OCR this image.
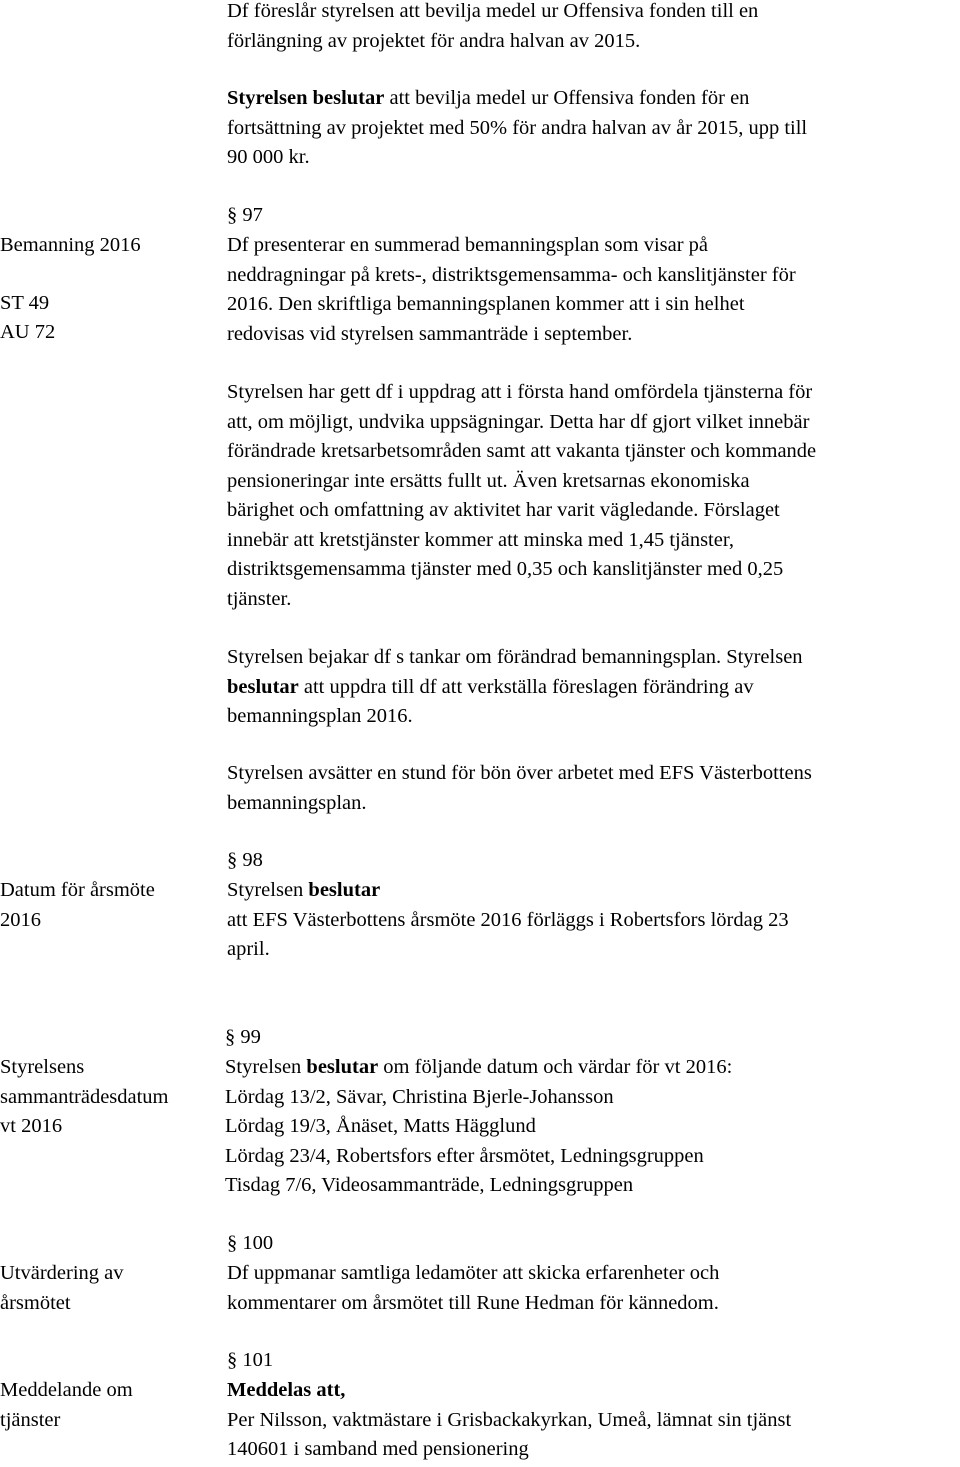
Df föreslår styrelsen att bevilja medel ur Offensiva fonden till en
förlängning av projektet för andra halvan av 2015.
Styrelsen beslutar att bevilja medel ur Offensiva fonden för en
fortsättning av projektet med 50% för andra halvan av år 2015, upp till
90 000 kr.
§ 97
Bemanning 2016
ST 49
AU 72
Df presenterar en summerad bemanningsplan som visar på
neddragningar på krets-, distriktsgemensamma- och kanslitjänster för
2016. Den skriftliga bemanningsplanen kommer att i sin helhet
redovisas vid styrelsen sammanträde i september.
Styrelsen har gett df i uppdrag att i första hand omfördela tjänsterna för
att, om möjligt, undvika uppsägningar. Detta har df gjort vilket innebär
förändrade kretsarbetsområden samt att vakanta tjänster och kommande
pensioneringar inte ersätts fullt ut. Även kretsarnas ekonomiska
bärighet och omfattning av aktivitet har varit vägledande. Förslaget
innebär att kretstjänster kommer att minska med 1,45 tjänster,
distriktsgemensamma tjänster med 0,35 och kanslitjänster med 0,25
tjänster.
Styrelsen bejakar df s tankar om förändrad bemanningsplan. Styrelsen
beslutar att uppdra till df att verkställa föreslagen förändring av
bemanningsplan 2016.
Styrelsen avsätter en stund för bön över arbetet med EFS Västerbottens
bemanningsplan.
§ 98
Datum för årsmöte
2016
Styrelsen beslutar
att EFS Västerbottens årsmöte 2016 förläggs i Robertsfors lördag 23
april.
§ 99
Styrelsens
sammanträdesdatum
vt 2016
Styrelsen beslutar om följande datum och värdar för vt 2016:
Lördag 13/2, Sävar, Christina Bjerle-Johansson
Lördag 19/3, Ånäset, Matts Hägglund
Lördag 23/4, Robertsfors efter årsmötet, Ledningsgruppen
Tisdag 7/6, Videosammanträde, Ledningsgruppen
§ 100
Utvärdering av
årsmötet
Df uppmanar samtliga ledamöter att skicka erfarenheter och
kommentarer om årsmötet till Rune Hedman för kännedom.
§ 101
Meddelande om
tjänster
Meddelas att,
Per Nilsson, vaktmästare i Grisbackakyrkan, Umeå, lämnat sin tjänst
140601 i samband med pensionering
